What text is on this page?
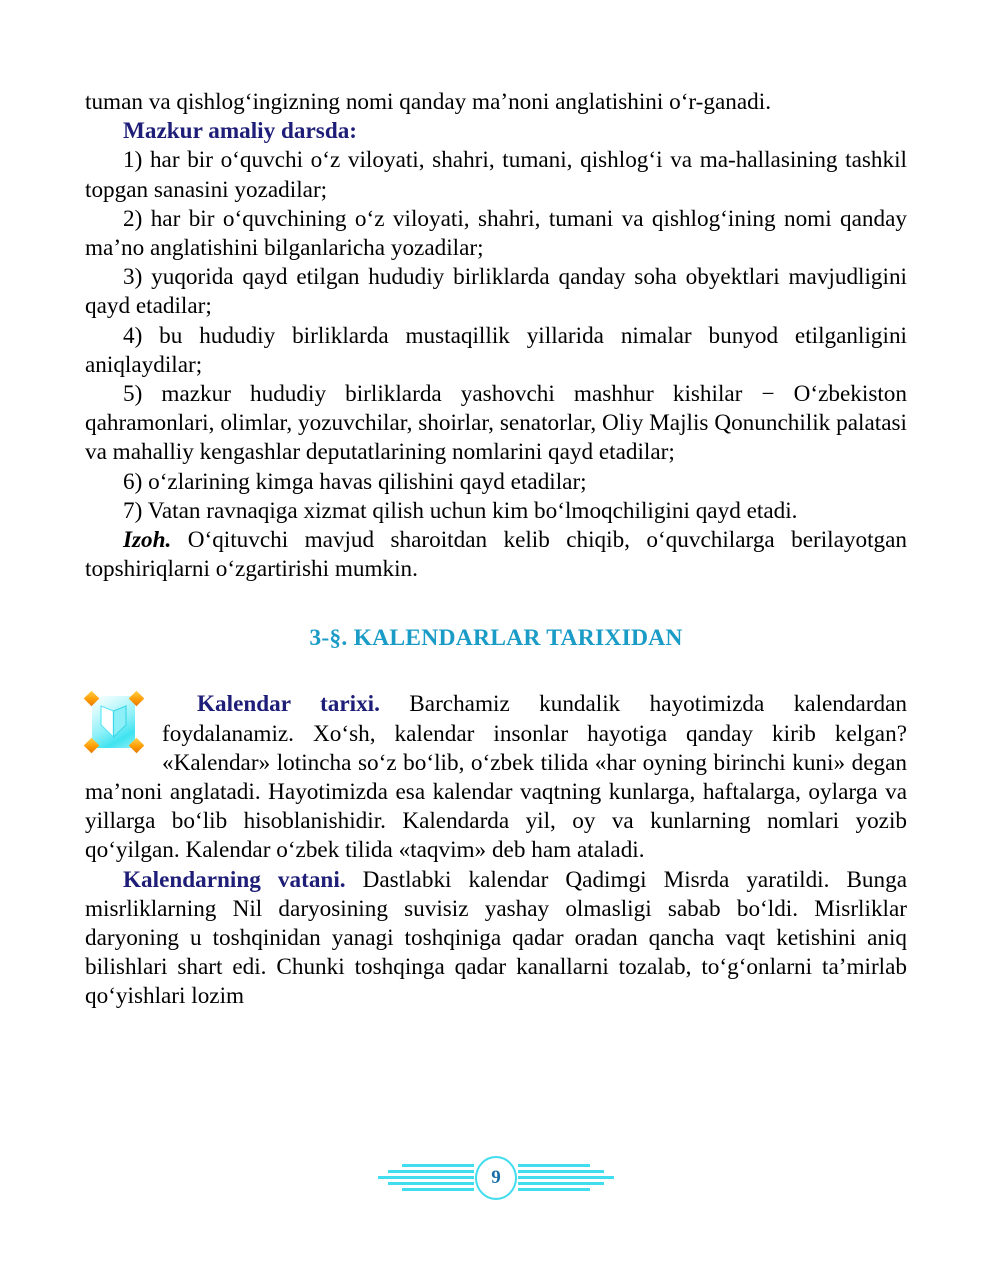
tuman va qishlog‘ingizning nomi qanday ma’noni anglatishini o‘r-ganadi.

Mazkur amaliy darsda:

1) har bir o‘quvchi o‘z viloyati, shahri, tumani, qishlog‘i va ma-hallasining tashkil topgan sanasini yozadilar;

2) har bir o‘quvchining o‘z viloyati, shahri, tumani va qishlog‘ining nomi qanday ma’no anglatishini bilganlaricha yozadilar;

3) yuqorida qayd etilgan hududiy birliklarda qanday soha obyektlari mavjudligini qayd etadilar;

4) bu hududiy birliklarda mustaqillik yillarida nimalar bunyod etilganligini aniqlaydilar;

5) mazkur hududiy birliklarda yashovchi mashhur kishilar − O‘zbekiston qahramonlari, olimlar, yozuvchilar, shoirlar, senatorlar, Oliy Majlis Qonunchilik palatasi va mahalliy kengashlar deputatlarining nomlarini qayd etadilar;

6) o‘zlarining kimga havas qilishini qayd etadilar;

7) Vatan ravnaqiga xizmat qilish uchun kim bo‘lmoqchiligini qayd etadi.

Izoh. O‘qituvchi mavjud sharoitdan kelib chiqib, o‘quvchilarga berilayotgan topshiriqlarni o‘zgartirishi mumkin.

3-§. KALENDARLAR TARIXIDAN

Kalendar tarixi. Barchamiz kundalik hayotimizda kalendardan foydalanamiz. Xo‘sh, kalendar insonlar hayotiga qanday kirib kelgan? «Kalendar» lotincha so‘z bo‘lib, o‘zbek tilida «har oyning birinchi kuni» degan ma’noni anglatadi. Hayotimizda esa kalendar vaqtning kunlarga, haftalarga, oylarga va yillarga bo‘lib hisoblanishidir. Kalendarda yil, oy va kunlarning nomlari yozib qo‘yilgan. Kalendar o‘zbek tilida «taqvim» deb ham ataladi.

Kalendarning vatani. Dastlabki kalendar Qadimgi Misrda yaratildi. Bunga misrliklarning Nil daryosining suvisiz yashay olmasligi sabab bo‘ldi. Misrliklar daryoning u toshqinidan yanagi toshqiniga qadar oradan qancha vaqt ketishini aniq bilishlari shart edi. Chunki toshqinga qadar kanallarni tozalab, to‘g‘onlarni ta’mirlab qo‘yishlari lozim

9
